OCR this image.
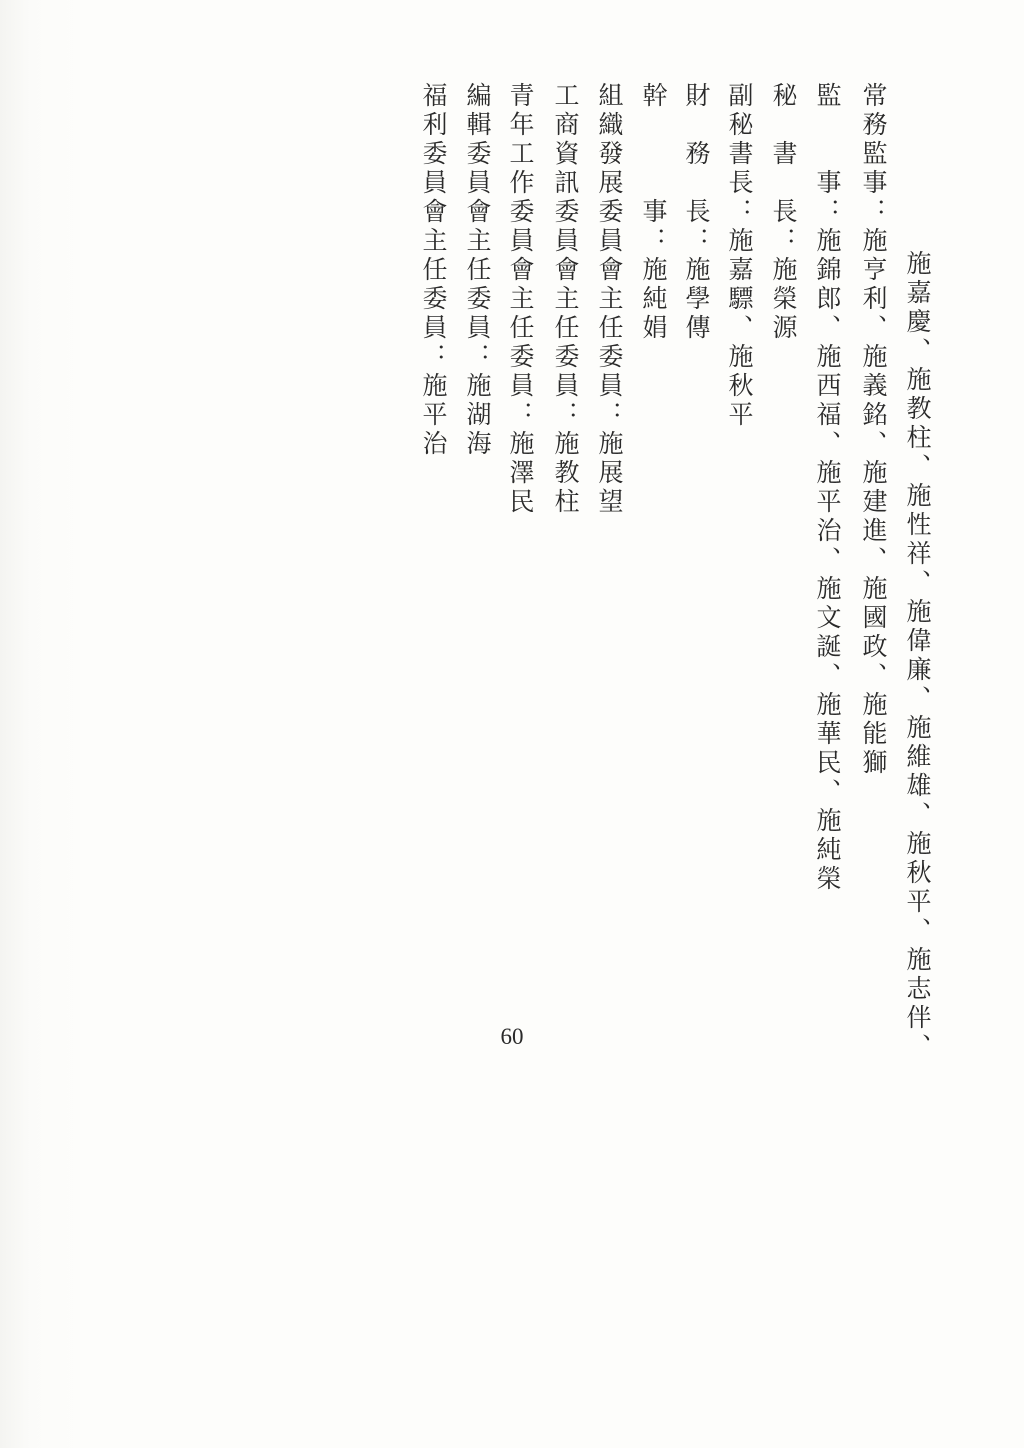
施嘉慶、施教柱、施性祥、施偉廉、施維雄、施秋平、施志伴、
常務監事：施亨利、施義銘、施建進、施國政、施能獅
監　　事：施錦郎、施西福、施平治、施文誕、施華民、施純榮
秘　書　長：施榮源
副秘書長：施嘉驃、施秋平
財　務　長：施學傳
幹　　　事：施純娟
組織發展委員會主任委員：施展望
工商資訊委員會主任委員：施教柱
青年工作委員會主任委員：施澤民
編輯委員會主任委員：施湖海
福利委員會主任委員：施平治
60
